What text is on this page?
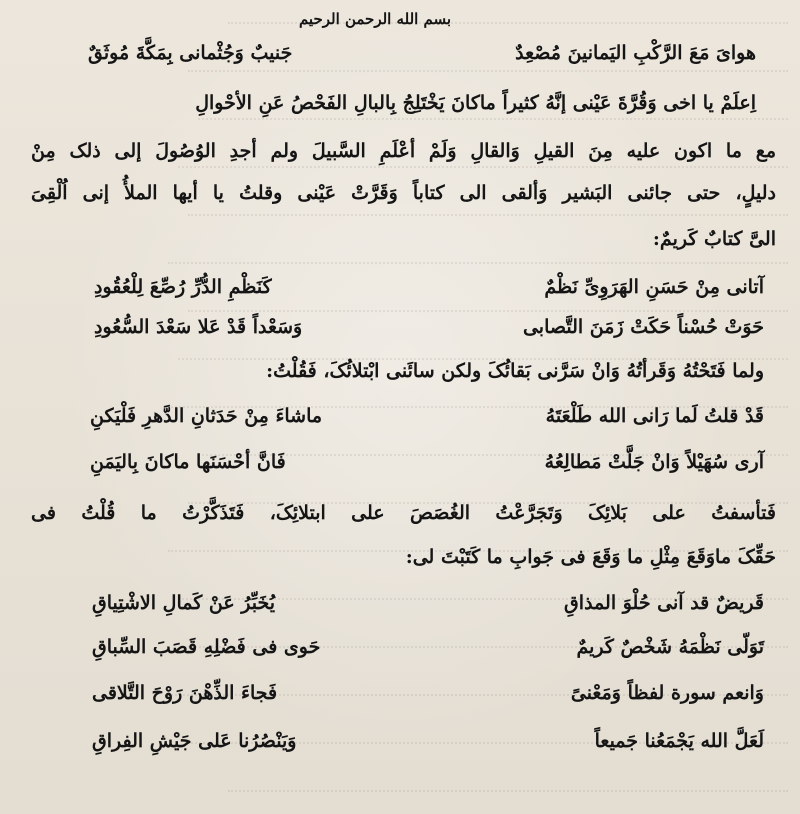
بسم الله الرحمن الرحيم
هوایَ مَعَ الرَّکْبِ الیَمانینَ مُصْعِدٌ
جَنیبٌ وَجُثْمانی بِمَکَّةَ مُوثَقٌ
اِعلَمْ یا اخی وَقُرَّةَ عَیْنی إنَّهُ کثیراً ماکانَ یَخْتَلِجُ بِالبالِ الفَحْصُ عَنِ الأحْوالِ
مع ما اکون علیه مِنَ القیلِ وَالقالِ وَلَمْ أعْلَمِ السَّبیلَ ولم أجدِ الوُصُولَ إلی ذلک مِنْ
دلیلٍ، حتی جائنی البَشیر وَألقی الی کتاباً وَقَرَّتْ عَیْنی وقلتُ یا أیها الملأُ إنی اُلْقِیَ
الیَّ کتابٌ کَریمٌ:
آتانی مِنْ حَسَنِ الهَرَوِیِّ نَظْمٌ
کَنَظْمِ الدُّرِّ رُصِّعَ لِلْعُقُودِ
حَوَتْ حُسْناً حَکَتْ زَمَنَ التَّصابی
وَسَعْداً قَدْ عَلا سَعْدَ السُّعُودِ
ولما فَتَحْتُهُ وَقَرأتُهُ وَانْ سَرَّنی بَقائُکَ ولکن سائَنی ابْتلائُکَ، فَقُلْتُ:
قَدْ قلتُ لَما رَانی الله طَلْعَتَهُ
ماشاءَ مِنْ حَدَثانِ الدَّهرِ فَلْیَکنِ
آری سُهَیْلاً وَانْ جَلَّتْ مَطالِعُهُ
فَانَّ أحْسَنَها ماکانَ بِالیَمَنِ
فَتأسفتُ علی بَلائِکَ وَتَجَرَّعْتُ الغُصَصَ علی ابتلائِکَ، فَتَذَکَّرْتُ ما قُلْتُ فی
حَقِّکَ ماوَقَعَ مِثْلِ ما وَقَعَ فی جَوابِ ما کَتَبْتَ لی:
قَریضٌ قد آنی حُلْوَ المذاقِ
یُخَبِّرُ عَنْ کَمالِ الاشْتِیاقِ
تَوَلّی نَظْمَهُ شَخْصٌ کَریمٌ
حَوی فی فَضْلِهِ قَصَبَ السِّباقِ
وَانعم سورة لفظاً وَمَعْنیً
فَجاءَ الذِّهْنَ رَوْحَ التَّلاقی
لَعَلَّ الله یَجْمَعُنا جَمیعاً
وَیَنْصُرُنا عَلی جَیْشِ الفِراقِ
